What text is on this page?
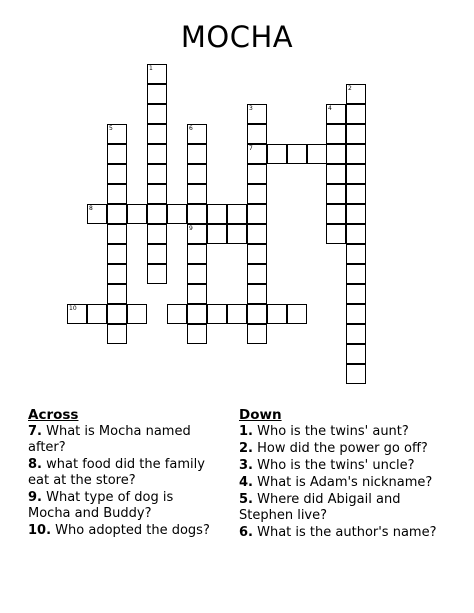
MOCHA
1
2
3
7
4
5	6
9
8
10
Across
7. What is Mocha named after?
8. what food did the family eat at the store?
9. What type of dog is Mocha and Buddy?
10. Who adopted the dogs?
Down
1. Who is the twins' aunt?
2. How did the power go off?
3. Who is the twins' uncle?
4. What is Adam's nickname?
5. Where did Abigail and Stephen live?
6. What is the author's name?
